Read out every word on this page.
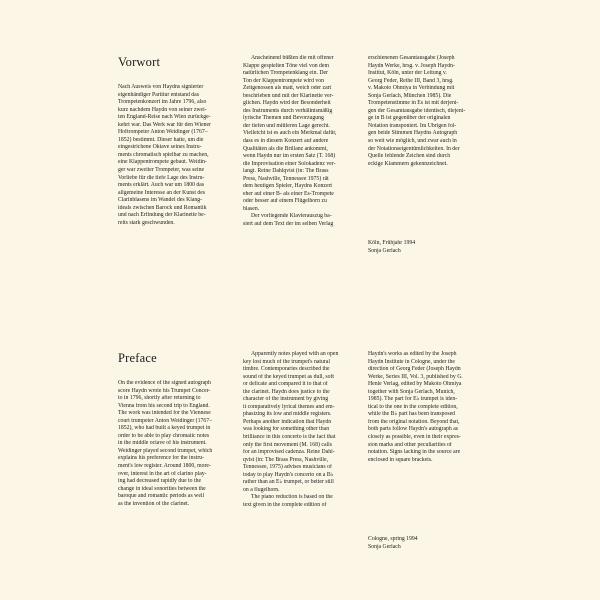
Vorwort
Nach Ausweis von Haydns signierter
eigenhändiger Partitur entstand das
Trompetenkonzert im Jahre 1796, also
kurz nachdem Haydn von seiner zwei-
ten England-Reise nach Wien zurückge-
kehrt war. Das Werk war für den Wiener
Hoftrompeter Anton Weidinger (1767–
1852) bestimmt. Dieser hatte, um die
eingestrichene Oktave seines Instru-
ments chromatisch spielbar zu machen,
eine Klappentrompete gebaut. Weidin-
ger war zweiter Trompeter, was seine
Vorliebe für die tiefe Lage des Instru-
ments erklärt. Auch war um 1800 das
allgemeine Interesse an der Kunst des
Clarinblasens im Wandel des Klang-
ideals zwischen Barock und Romantik
und nach Erfindung der Klarinette be-
reits stark geschwunden.
Anscheinend büßten die mit offener
Klappe gespielten Töne viel von dem
natürlichen Trompetenklang ein. Der
Ton der Klappentrompete wird von
Zeitgenossen als matt, weich oder zart
beschrieben und mit der Klarinette ver-
glichen. Haydn wird der Besonderheit
des Instruments durch verhältnismäßig
lyrische Themen und Bevorzugung
der tiefen und mittleren Lage gerecht.
Vielleicht ist es auch ein Merkmal dafür,
dass es in diesem Konzert auf andere
Qualitäten als die Brillanz ankommt,
wenn Haydn nur im ersten Satz (T. 168)
die Improvisation einer Solokadenz ver-
langt. Reine Dahlqvist (in: The Brass
Press, Nashville, Tennessee 1975) rät
dem heutigen Spieler, Haydns Konzert
eher auf einer B- als einer Es-Trompete
oder besser auf einem Flügelhorn zu
blasen.
Der vorliegende Klavierauszug ba-
siert auf dem Text der im selben Verlag
erschienenen Gesamtausgabe (Joseph
Haydn Werke, hrsg. v. Joseph Haydn-
Institut, Köln, unter der Leitung v.
Georg Feder, Reihe III, Band 3, hrsg.
v. Makoto Ohmiya in Verbindung mit
Sonja Gerlach, München 1985). Die
Trompetenstimme in Es ist mit derjeni-
gen der Gesamtausgabe identisch, diejeni-
ge in B ist gegenüber der originalen
Notation transponiert. Im Übrigen fol-
gen beide Stimmen Haydns Autograph
so weit wie möglich, und zwar auch in
der Notationseigentümlichkeiten. In der
Quelle fehlende Zeichen sind durch
eckige Klammern gekennzeichnet.
Köln, Frühjahr 1994
Sonja Gerlach
Preface
On the evidence of the signed autograph
score Haydn wrote his Trumpet Concer-
to in 1796, shortly after returning to
Vienna from his second trip to England.
The work was intended for the Viennese
court trumpeter Anton Weidinger (1767–
1852), who had built a keyed trumpet in
order to be able to play chromatic notes
in the middle octave of his instrument.
Weidinger played second trumpet, which
explains his preference for the instru-
ment's low register. Around 1800, more-
over, interest in the art of clarino play-
ing had decreased rapidly due to the
change in ideal sonorities between the
baroque and romantic periods as well
as the invention of the clarinet.
Apparently notes played with an open
key lost much of the trumpet's natural
timbre. Contemporaries described the
sound of the keyed trumpet as dull, soft
or delicate and compared it to that of
the clarinet. Haydn does justice to the
character of the instrument by giving
it comparatively lyrical themes and em-
phasizing its low and middle registers.
Perhaps another indication that Haydn
was looking for something other than
brilliance in this concerto is the fact that
only the first movement (M. 168) calls
for an improvised cadenza. Reine Dahl-
qvist (in: The Brass Press, Nashville,
Tennessee, 1975) advises musicians of
today to play Haydn's concerto on a B♭
rather than an E♭ trumpet, or better still
on a flugelhorn.
The piano reduction is based on the
text given in the complete edition of
Haydn's works as edited by the Joseph
Haydn Institute in Cologne, under the
direction of Georg Feder (Joseph Haydn
Werke, Series III, Vol. 3, published by G.
Henle Verlag, edited by Makoto Ohmiya
together with Sonja Gerlach, Munich,
1985). The part for E♭ trumpet is iden-
tical to the one in the complete edition,
while the B♭ part has been transposed
from the original notation. Beyond that,
both parts follow Haydn's autograph as
closely as possible, even in their expres-
sion marks and other peculiarities of
notation. Signs lacking in the source are
enclosed in square brackets.
Cologne, spring 1994
Sonja Gerlach
